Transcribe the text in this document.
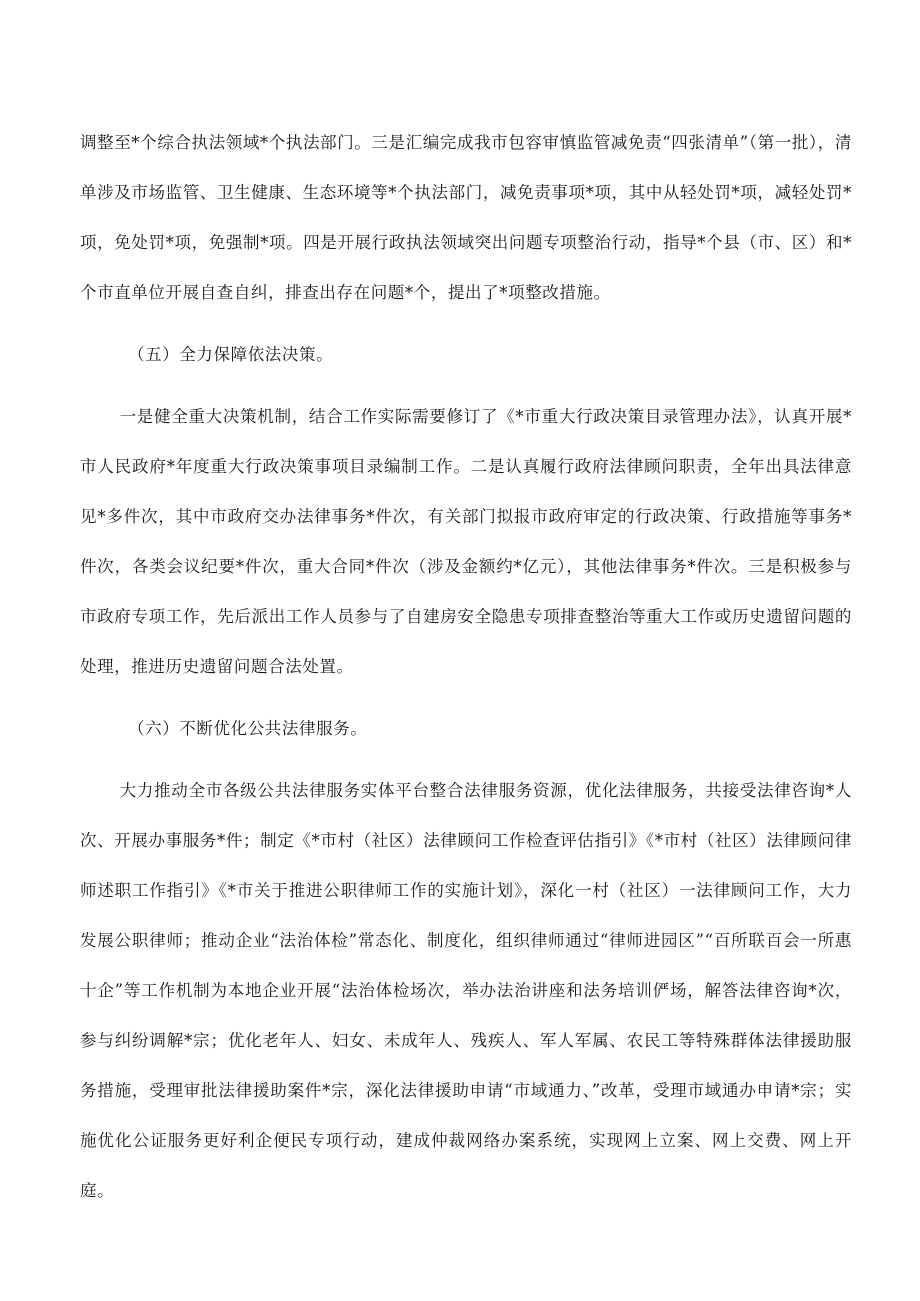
调整至*个综合执法领域*个执法部门。三是汇编完成我市包容审慎监管减免责“四张清单”（第一批），清单涉及市场监管、卫生健康、生态环境等*个执法部门，减免责事项*项，其中从轻处罚*项，减轻处罚*项，免处罚*项，免强制*项。四是开展行政执法领域突出问题专项整治行动，指导*个县（市、区）和*个市直单位开展自查自纠，排查出存在问题*个，提出了*项整改措施。

（五）全力保障依法决策。

一是健全重大决策机制，结合工作实际需要修订了《*市重大行政决策目录管理办法》，认真开展*市人民政府*年度重大行政决策事项目录编制工作。二是认真履行政府法律顾问职责，全年出具法律意见*多件次，其中市政府交办法律事务*件次，有关部门拟报市政府审定的行政决策、行政措施等事务*件次，各类会议纪要*件次，重大合同*件次（涉及金额约*亿元），其他法律事务*件次。三是积极参与市政府专项工作，先后派出工作人员参与了自建房安全隐患专项排查整治等重大工作或历史遗留问题的处理，推进历史遗留问题合法处置。

（六）不断优化公共法律服务。

大力推动全市各级公共法律服务实体平台整合法律服务资源，优化法律服务，共接受法律咨询*人次、开展办事服务*件；制定《*市村（社区）法律顾问工作检查评估指引》《*市村（社区）法律顾问律师述职工作指引》《*市关于推进公职律师工作的实施计划》，深化一村（社区）一法律顾问工作，大力发展公职律师；推动企业“法治体检”常态化、制度化，组织律师通过“律师进园区”“百所联百会一所惠十企”等工作机制为本地企业开展“法治体检场次，举办法治讲座和法务培训俨场，解答法律咨询*次，参与纠纷调解*宗；优化老年人、妇女、未成年人、残疾人、军人军属、农民工等特殊群体法律援助服务措施，受理审批法律援助案件*宗，深化法律援助申请“市域通力、”改革，受理市域通办申请*宗；实施优化公证服务更好利企便民专项行动，建成仲裁网络办案系统，实现网上立案、网上交费、网上开庭。
